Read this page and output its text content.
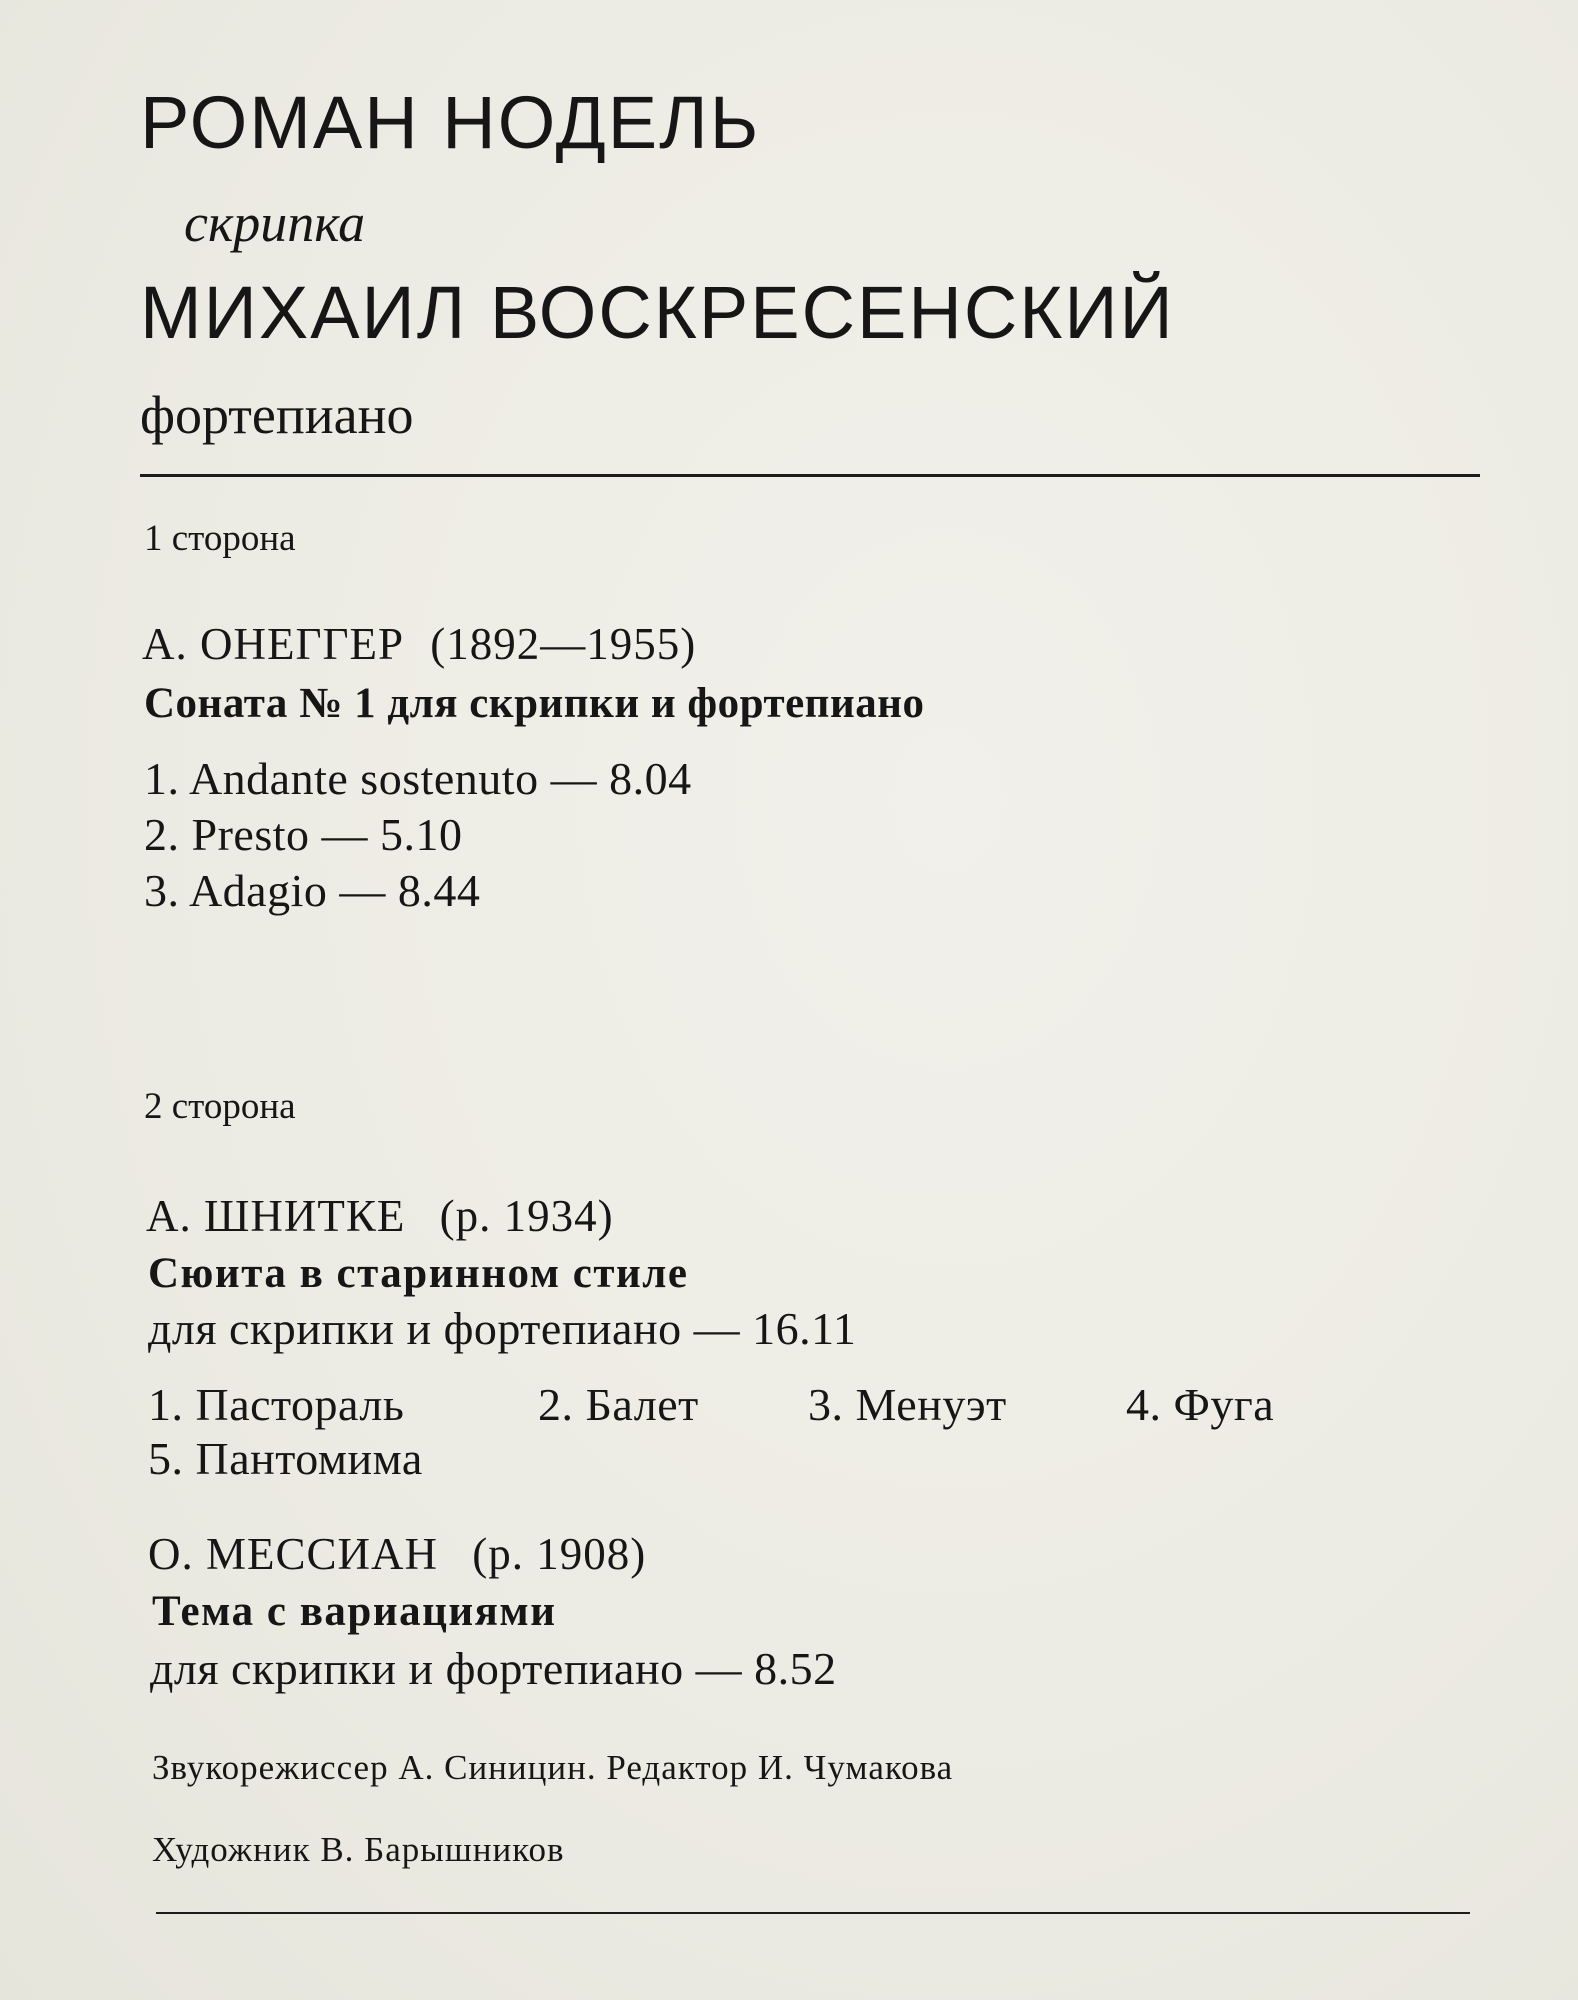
РОМАН НОДЕЛЬ
скрипка
МИХАИЛ ВОСКРЕСЕНСКИЙ
фортепиано
1 сторона
А. ОНЕГГЕР (1892—1955)
Соната № 1 для скрипки и фортепиано
1. Andante sostenuto — 8.04
2. Presto — 5.10
3. Adagio — 8.44
2 сторона
А. ШНИТКЕ (р. 1934)
Сюита в старинном стиле
для скрипки и фортепиано — 16.11
1. Пастораль	2. Балет 3. Менуэт	4. Фуга
5. Пантомима
О. МЕССИАН (р. 1908)
Тема с вариациями
для скрипки и фортепиано — 8.52
Звукорежиссер А. Синицин. Редактор И. Чумакова
Художник В. Барышников
